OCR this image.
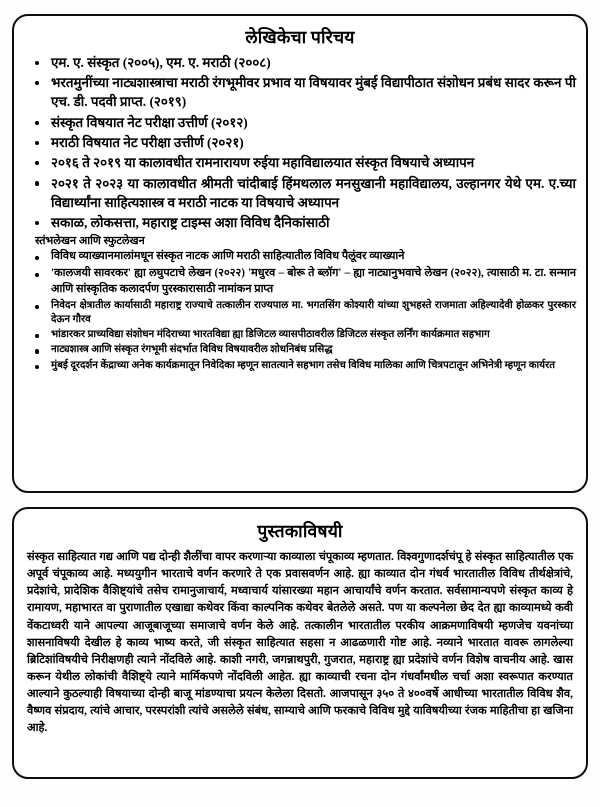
लेखिकेचा परिचय
एम. ए. संस्कृत (२००५), एम. ए. मराठी (२००८)
भरतमुनींच्या नाट्यशास्त्राचा मराठी रंगभूमीवर प्रभाव या विषयावर मुंबई विद्यापीठात संशोधन प्रबंध सादर करून पी एच. डी. पदवी प्राप्त. (२०१९)
संस्कृत विषयात नेट परीक्षा उत्तीर्ण (२०१२)
मराठी विषयात नेट परीक्षा उत्तीर्ण (२०२१)
२०१६ ते २०१९ या कालावधीत रामनारायण रुईया महाविद्यालयात संस्कृत विषयाचे अध्यापन
२०२१ ते २०२३ या कालावधीत श्रीमती चांदीबाई हिंमथलाल मनसुखानी महाविद्यालय, उल्हानगर येथे एम. ए.च्या विद्यार्थ्यांना साहित्यशास्त्र व मराठी नाटक या विषयाचे अध्यापन
सकाळ, लोकसत्ता, महाराष्ट्र टाइम्स अशा विविध दैनिकांसाठी
स्तंभलेखन आणि स्फुटलेखन
विविध व्याख्यानमालांमधून संस्कृत नाटक आणि मराठी साहित्यातील विविध पैलूंवर व्याख्याने
'कालजयी सावरकर' ह्या लघुपटाचे लेखन (२०२२) 'मधुरव – बोरू ते ब्लॉग' – ह्या नाट्यानुभवाचे लेखन (२०२२), त्यासाठी म. टा. सन्मान आणि सांस्कृतिक कलादर्पण पुरस्कारासाठी नामांकन प्राप्त
निवेदन क्षेत्रातील कार्यासाठी महाराष्ट्र राज्याचे तत्कालीन राज्यपाल मा. भगतसिंग कोश्यारी यांच्या शुभहस्ते राजमाता अहिल्यादेवी होळकर पुरस्कार देऊन गौरव
भांडारकर प्राच्यविद्या संशोधन मंदिराच्या भारतविद्या ह्या डिजिटल व्यासपीठावरील डिजिटल संस्कृत लर्निंग कार्यक्रमात सहभाग
नाट्यशास्त्र आणि संस्कृत रंगभूमी संदर्भात विविध विषयावरील शोधनिबंध प्रसिद्ध
मुंबई दूरदर्शन केंद्राच्या अनेक कार्यक्रमातून निवेदिका म्हणून सातत्याने सहभाग तसेच विविध मालिका आणि चित्रपटातून अभिनेत्री म्हणून कार्यरत
पुस्तकाविषयी

संस्कृत साहित्यात गद्य आणि पद्य दोन्ही शैलींचा वापर करणाऱ्या काव्याला चंपूकाव्य म्हणतात. विश्वगुणादर्शचंपू हे संस्कृत साहित्यातील एक अपूर्व चंपूकाव्य आहे. मध्ययुगीन भारताचे वर्णन करणारे ते एक प्रवासवर्णन आहे. ह्या काव्यात दोन गंधर्व भारतातील विविध तीर्थक्षेत्रांचे, प्रदेशांचे, प्रादेशिक वैशिष्ट्यांचे तसेच रामानुजाचार्य, मध्वाचार्य यांसारख्या महान आचार्यांचे वर्णन करतात. सर्वसामान्यपणे संस्कृत काव्य हे रामायण, महाभारत वा पुराणातील एखाद्या कथेवर किंवा काल्पनिक कथेवर बेतलेले असते. पण या कल्पनेला छेद देत ह्या काव्यामध्ये कवी वेंकटाध्वरी याने आपल्या आजूबाजूच्या समाजाचे वर्णन केले आहे. तत्कालीन भारतातील परकीय आक्रमणाविषयी म्हणजेच यवनांच्या शासनाविषयी देखील हे काव्य भाष्य करते, जी संस्कृत साहित्यात सहसा न आढळणारी गोष्ट आहे. नव्याने भारतात वावरू लागलेल्या ब्रिटिशांविषयीचे निरीक्षणही त्याने नोंदविले आहे. काशी नगरी, जगन्नाथपुरी, गुजरात, महाराष्ट्र ह्या प्रदेशांचे वर्णन विशेष वाचनीय आहे. खास करून येथील लोकांची वैशिष्ट्ये त्याने मार्मिकपणे नोंदविली आहेत. ह्या काव्याची रचना दोन गंधर्वांमधील चर्चा अशा स्वरूपात करण्यात आल्याने कुठल्याही विषयाच्या दोन्ही बाजू मांडण्याचा प्रयत्न केलेला दिसतो. आजपासून ३५० ते ४००वर्षे आधीच्या भारतातील विविध शैव, वैष्णव संप्रदाय, त्यांचे आचार, परस्परांशी त्यांचे असलेले संबंध, साम्याचे आणि फरकाचे विविध मुद्दे याविषयीच्या रंजक माहितीचा हा खजिना आहे.
